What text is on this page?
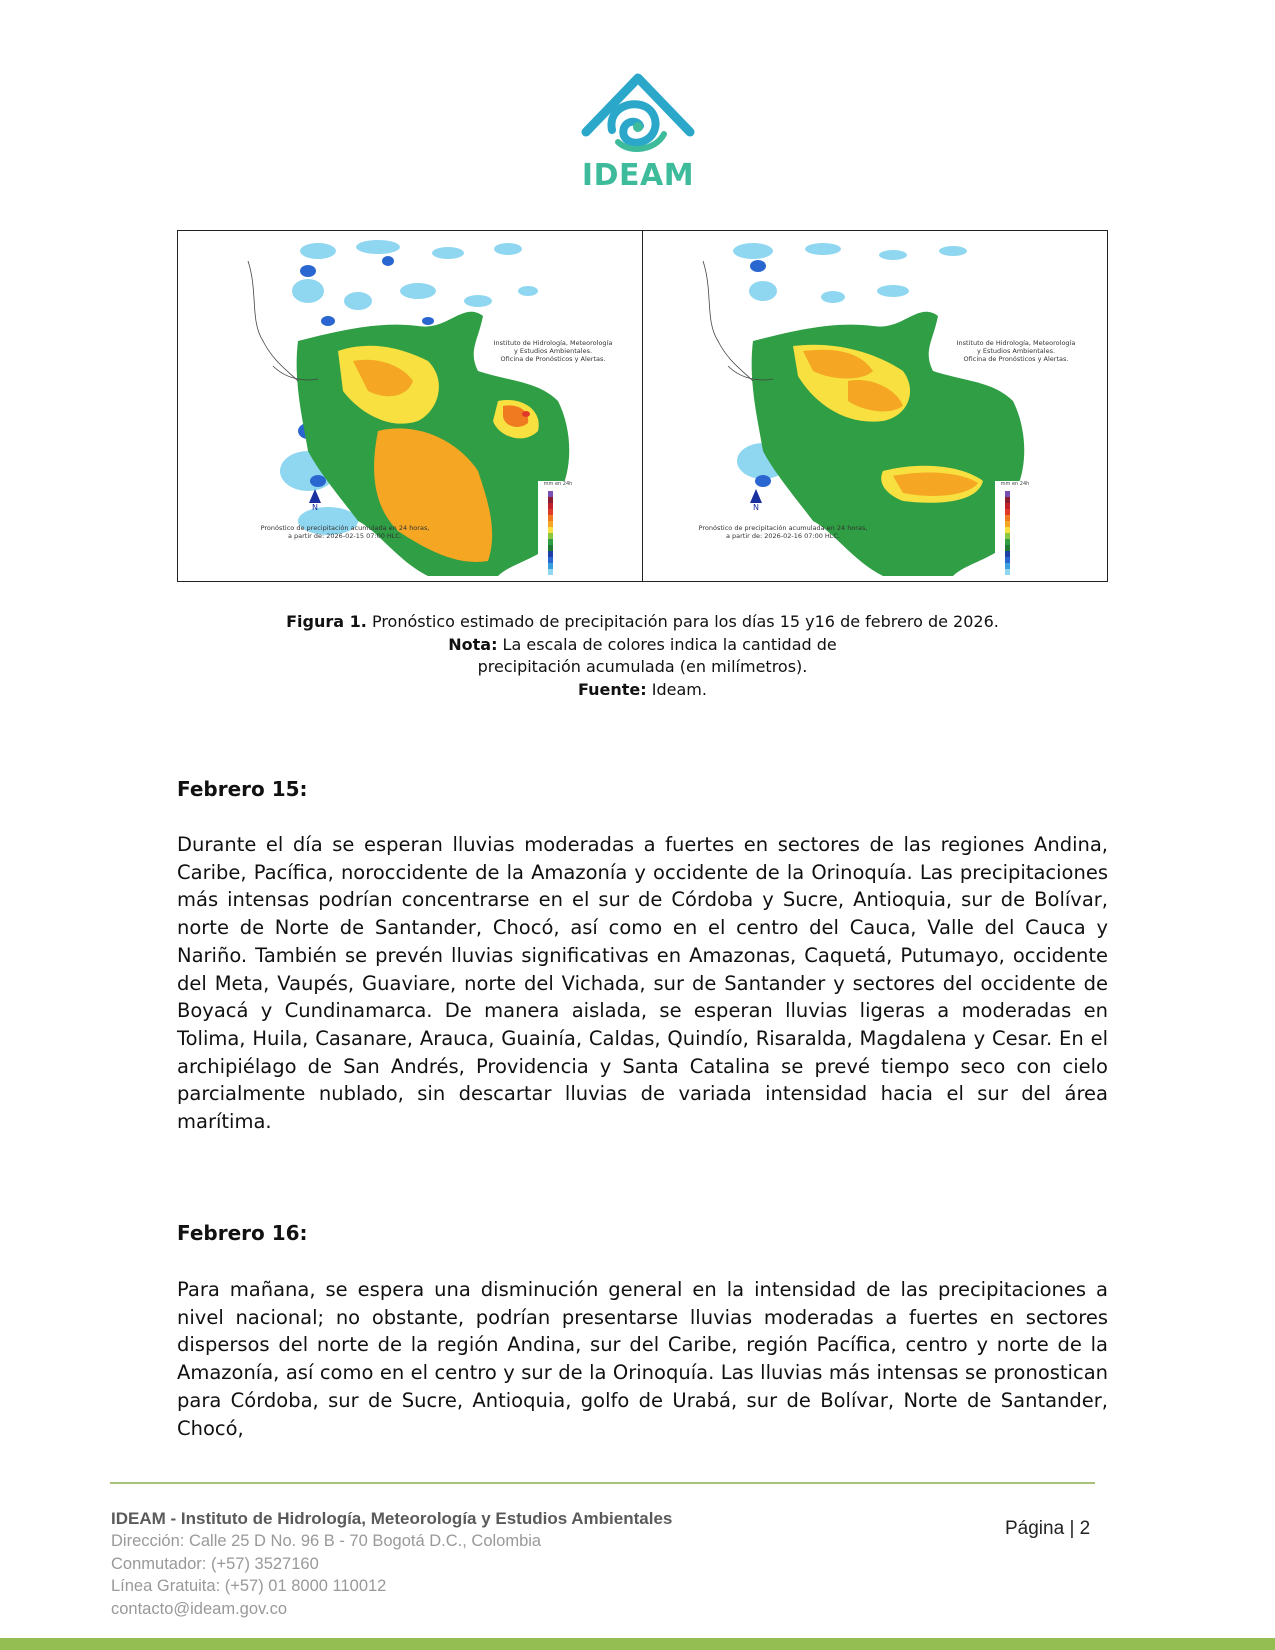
IDEAM
Instituto de Hidrología, Meteorología
y Estudios Ambientales.
Oficina de Pronósticos y Alertas.
N
Pronóstico de precipitación acumulada en 24 horas,
a partir de: 2026-02-15 07:00 HLC.
mm en 24h
Instituto de Hidrología, Meteorología
y Estudios Ambientales.
Oficina de Pronósticos y Alertas.
N
Pronóstico de precipitación acumulada en 24 horas,
a partir de: 2026-02-16 07:00 HLC.
mm en 24h
Figura 1. Pronóstico estimado de precipitación para los días 15 y16 de febrero de 2026.
Nota: La escala de colores indica la cantidad de
precipitación acumulada (en milímetros).
Fuente: Ideam.
Febrero 15:
Durante el día se esperan lluvias moderadas a fuertes en sectores de las regiones Andina, Caribe, Pacífica, noroccidente de la Amazonía y occidente de la Orinoquía. Las precipitaciones más intensas podrían concentrarse en el sur de Córdoba y Sucre, Antioquia, sur de Bolívar, norte de Norte de Santander, Chocó, así como en el centro del Cauca, Valle del Cauca y Nariño. También se prevén lluvias significativas en Amazonas, Caquetá, Putumayo, occidente del Meta, Vaupés, Guaviare, norte del Vichada, sur de Santander y sectores del occidente de Boyacá y Cundinamarca. De manera aislada, se esperan lluvias ligeras a moderadas en Tolima, Huila, Casanare, Arauca, Guainía, Caldas, Quindío, Risaralda, Magdalena y Cesar. En el archipiélago de San Andrés, Providencia y Santa Catalina se prevé tiempo seco con cielo parcialmente nublado, sin descartar lluvias de variada intensidad hacia el sur del área marítima.
Febrero 16:
Para mañana, se espera una disminución general en la intensidad de las precipitaciones a nivel nacional; no obstante, podrían presentarse lluvias moderadas a fuertes en sectores dispersos del norte de la región Andina, sur del Caribe, región Pacífica, centro y norte de la Amazonía, así como en el centro y sur de la Orinoquía. Las lluvias más intensas se pronostican para Córdoba, sur de Sucre, Antioquia, golfo de Urabá, sur de Bolívar, Norte de Santander, Chocó,
IDEAM - Instituto de Hidrología, Meteorología y Estudios Ambientales
Dirección: Calle 25 D No. 96 B - 70 Bogotá D.C., Colombia
Conmutador: (+57) 3527160
Línea Gratuita: (+57) 01 8000 110012
contacto@ideam.gov.co
Página | 2
